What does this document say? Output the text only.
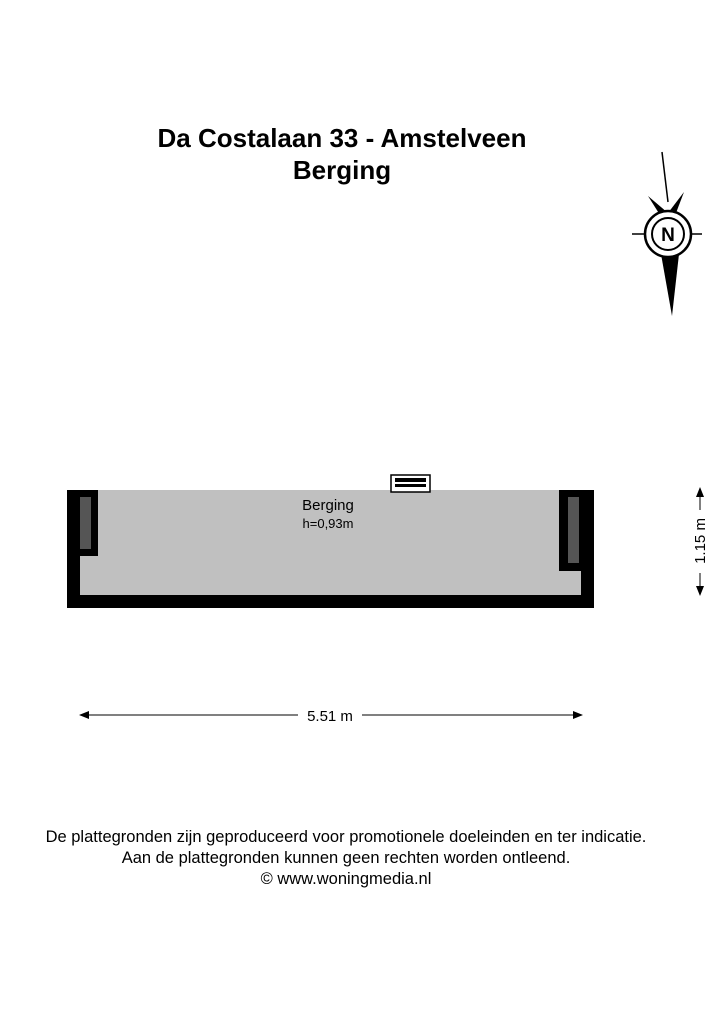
Da Costalaan 33 - Amstelveen
Berging
N
Berging
h=0,93m
5.51 m
1.15 m
De plattegronden zijn geproduceerd voor promotionele doeleinden en ter indicatie.
Aan de plattegronden kunnen geen rechten worden ontleend.
© www.woningmedia.nl
